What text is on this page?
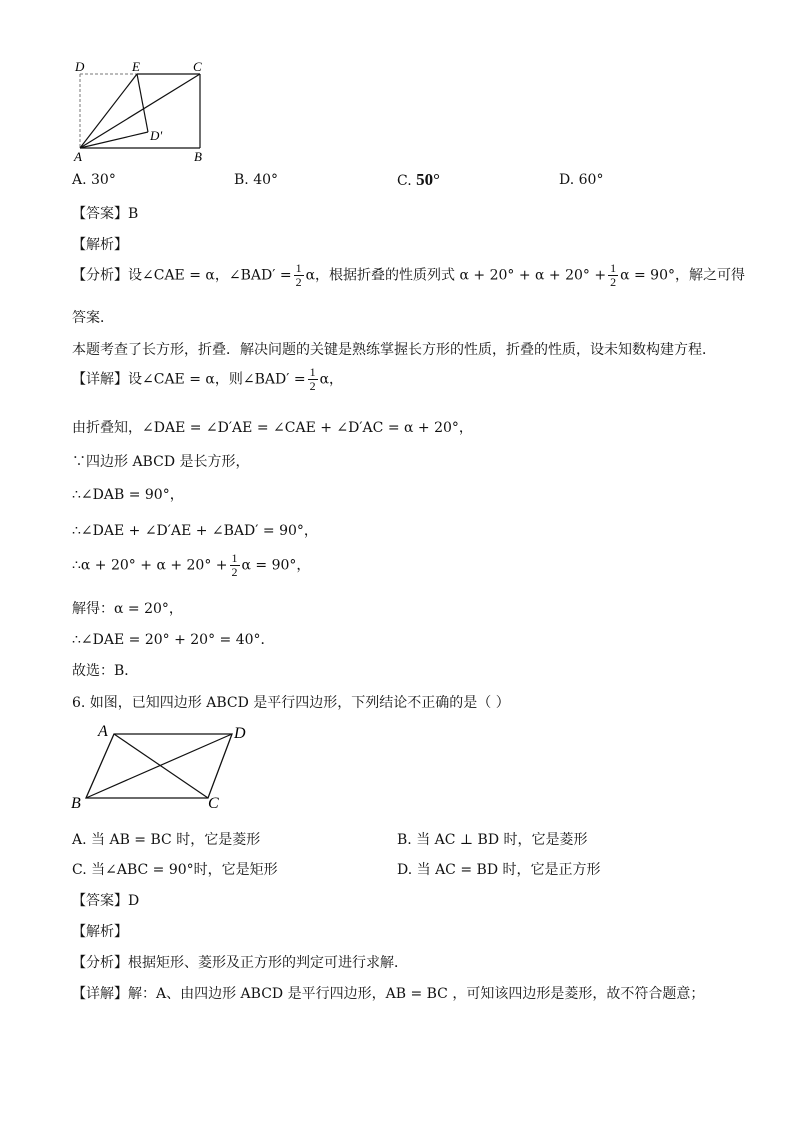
D	E	C
A	B
D'
A. 30°	B. 40°	C. 50°	D. 60°
【答案】B
【解析】
【分析】设∠CAE = α，∠BAD′ = $\frac{1}{2}$ α，根据折叠的性质列式 $\alpha + 20^\circ + \alpha + 20^\circ + \frac{1}{2}$ α = 90°，解之可得
答案．
本题考查了长方形，折叠．解决问题的关键是熟练掌握长方形的性质，折叠的性质，设未知数构建方程．
【详解】设∠CAE = α，则∠BAD′ = $\frac{1}{2}$ α，
由折叠知，∠DAE = ∠D′AE = ∠CAE + ∠D′AC = α + 20°，
∵四边形 ABCD 是长方形，
∴∠DAB = 90°，
∴∠DAE + ∠D′AE + ∠BAD′ = 90°，
∴α + $20^\circ + \alpha + 20^\circ + \frac{1}{2}$ α = 90°，
解得：α = 20°，
∴∠DAE = 20° + 20° = 40°．
故选：B．
6. 如图，已知四边形 ABCD 是平行四边形，下列结论不正确的是（ ）
A	D
B	C
A. 当 AB = BC 时，它是菱形	B. 当 AC ⊥ BD 时，它是菱形
C. 当∠ABC = 90°时，它是矩形	D. 当 AC = BD 时，它是正方形
【答案】D
【解析】
【分析】根据矩形、菱形及正方形的判定可进行求解．
【详解】解：A、由四边形 ABCD 是平行四边形，AB = BC ，可知该四边形是菱形，故不符合题意；
